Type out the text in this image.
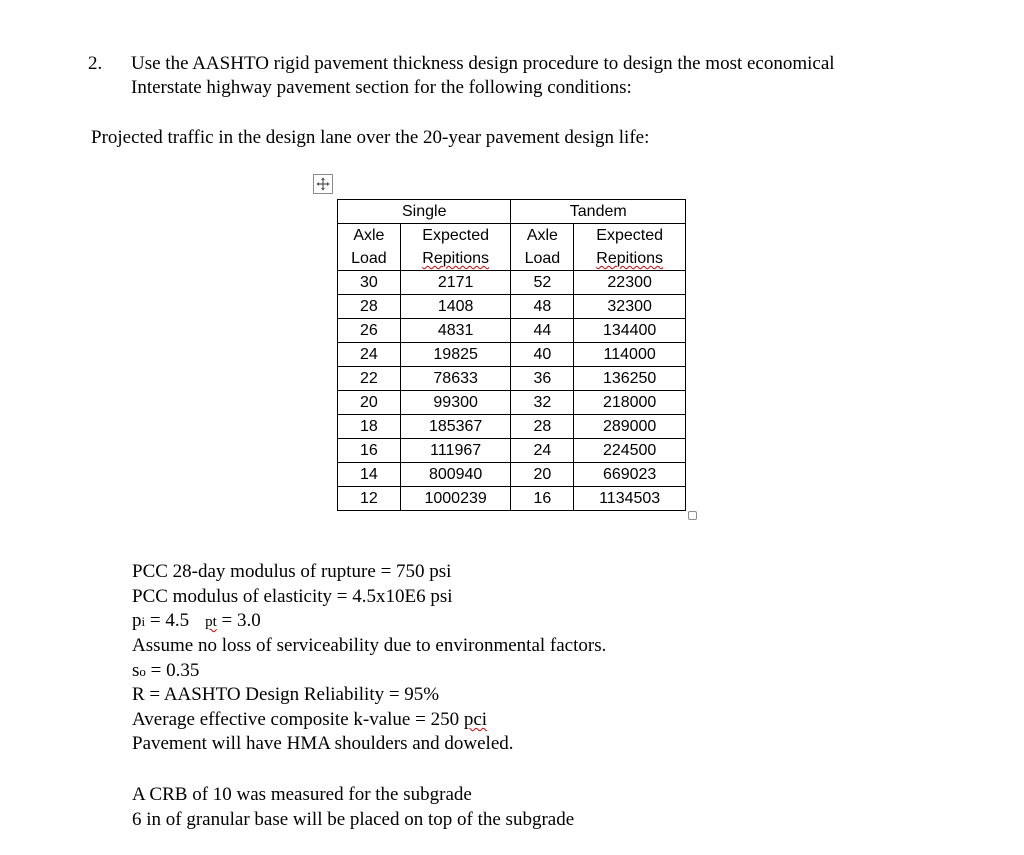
2. Use the AASHTO rigid pavement thickness design procedure to design the most economical
Interstate highway pavement section for the following conditions:
Projected traffic in the design lane over the 20-year pavement design life:
Single		Tandem	
Axle	Expected	Axle	Expected
Load	Repitions	Load	Repitions
30	2171	52	22300
28	1408	48	32300
26	4831	44	134400
24	19825	40	114000
22	78633	36	136250
20	99300	32	218000
18	185367	28	289000
16	111967	24	224500
14	800940	20	669023
12	1000239	16	1134503
PCC 28-day modulus of rupture = 750 psi
PCC modulus of elasticity = 4.5x10E6 psi
pi = 4.5 pt = 3.0
Assume no loss of serviceability due to environmental factors.
so = 0.35
R = AASHTO Design Reliability = 95%
Average effective composite k-value = 250 pci
Pavement will have HMA shoulders and doweled.
A CRB of 10 was measured for the subgrade
6 in of granular base will be placed on top of the subgrade
